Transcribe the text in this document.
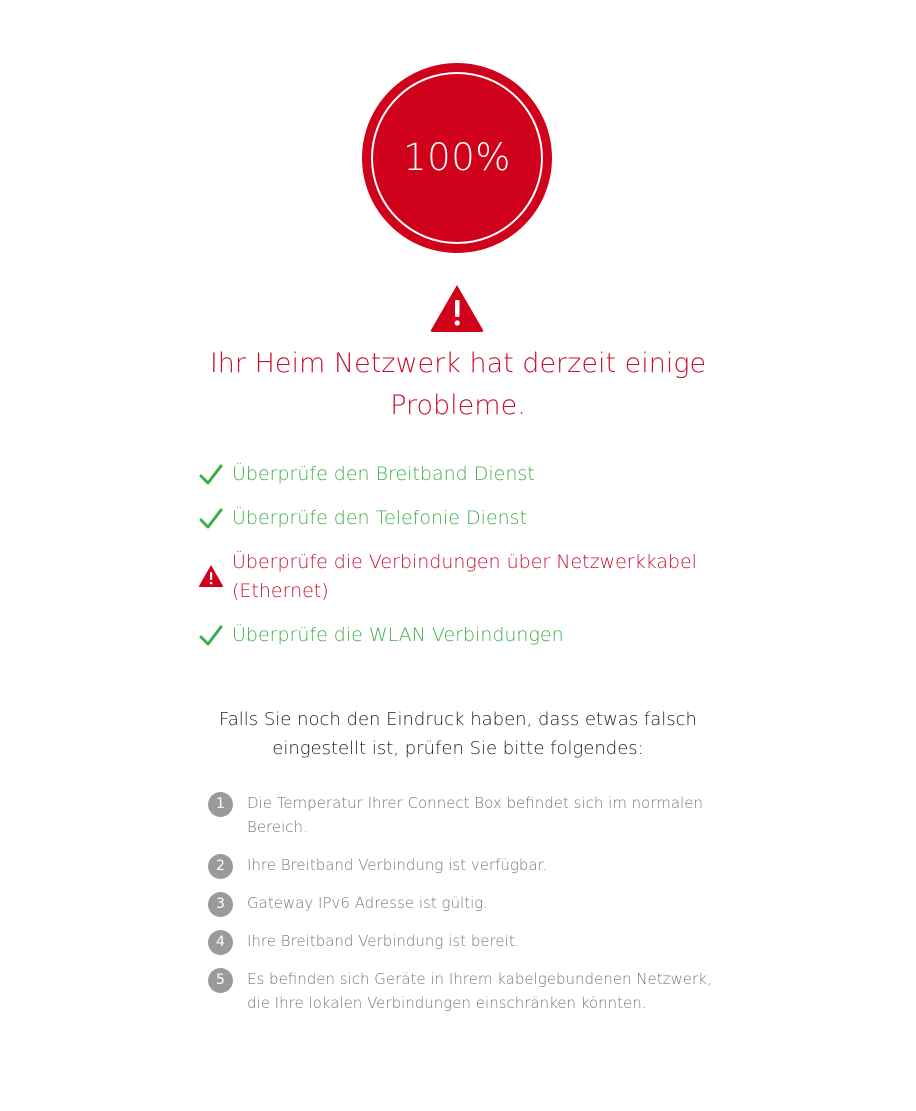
100%

Ihr Heim Netzwerk hat derzeit einige Probleme.

Überprüfe den Breitband Dienst
Überprüfe den Telefonie Dienst
Überprüfe die Verbindungen über Netzwerkkabel (Ethernet)
Überprüfe die WLAN Verbindungen

Falls Sie noch den Eindruck haben, dass etwas falsch eingestellt ist, prüfen Sie bitte folgendes:

1	Die Temperatur Ihrer Connect Box befindet sich im normalen Bereich.
2	Ihre Breitband Verbindung ist verfügbar.
3	Gateway IPv6 Adresse ist gültig.
4	Ihre Breitband Verbindung ist bereit.
5	Es befinden sich Geräte in Ihrem kabelgebundenen Netzwerk, die Ihre lokalen Verbindungen einschränken könnten.
